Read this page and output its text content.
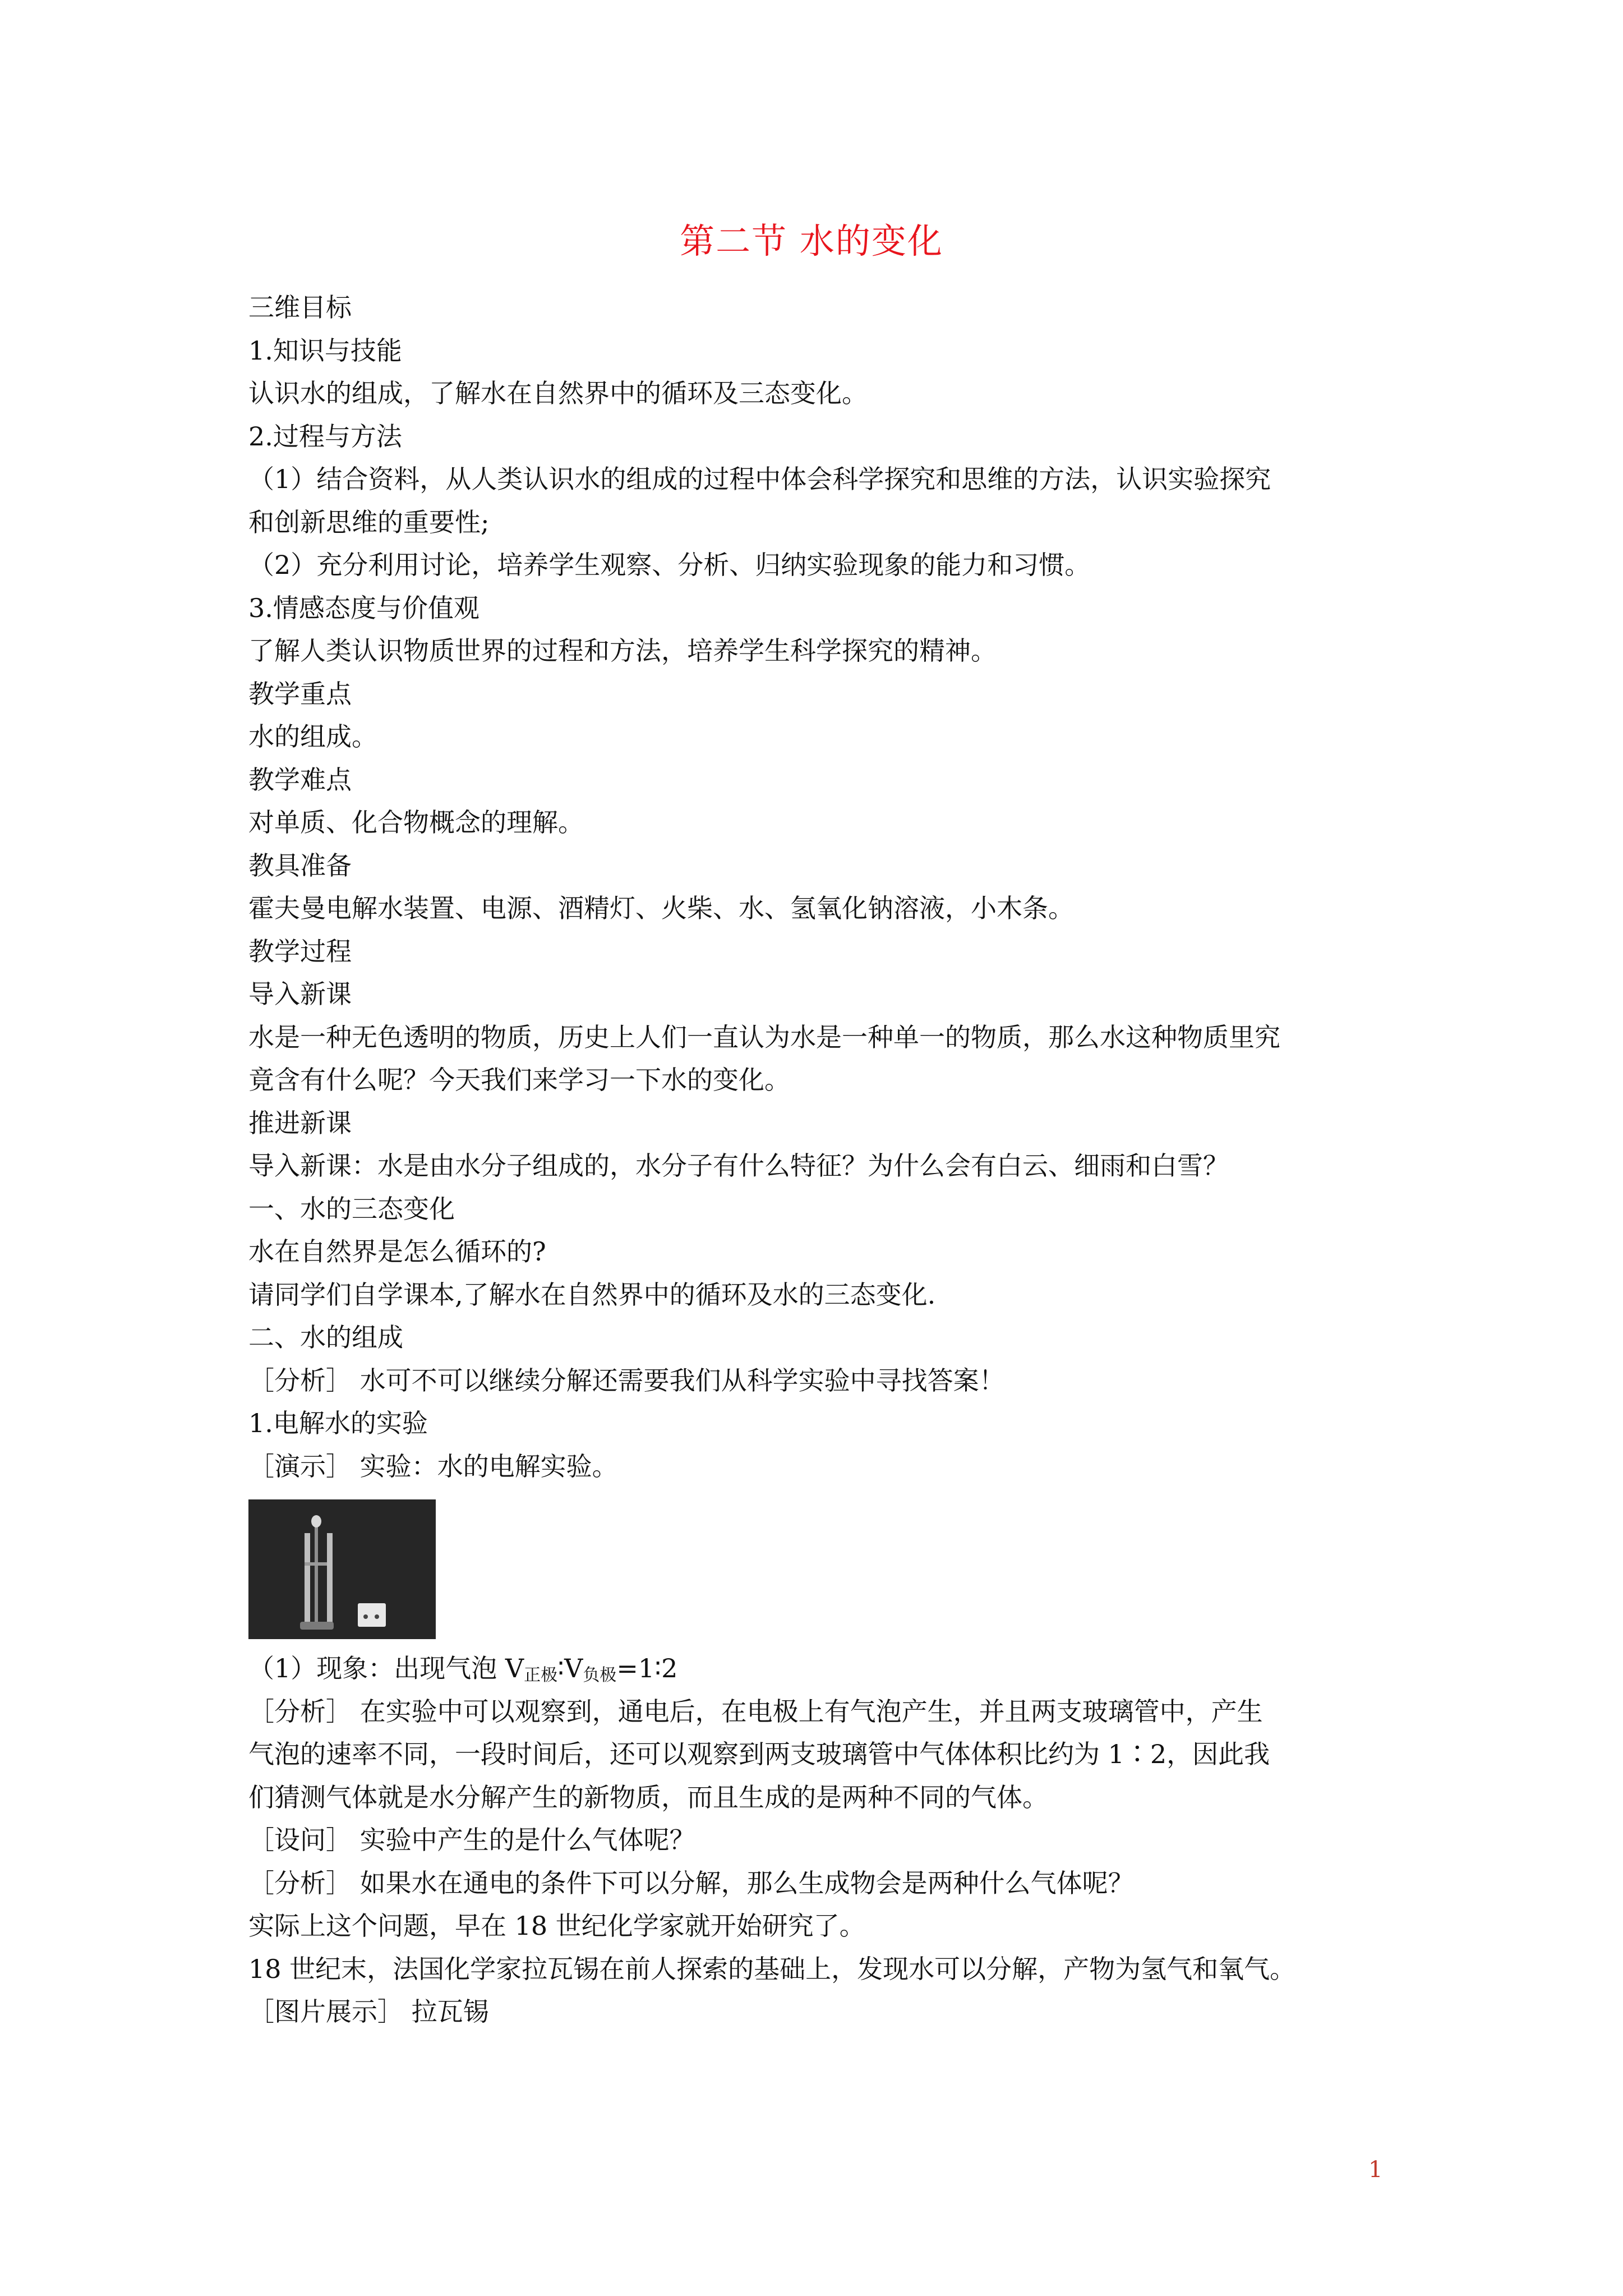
第二节 水的变化
三维目标
1.知识与技能
认识水的组成，了解水在自然界中的循环及三态变化。
2.过程与方法
（1）结合资料，从人类认识水的组成的过程中体会科学探究和思维的方法，认识实验探究
和创新思维的重要性;
（2）充分利用讨论，培养学生观察、分析、归纳实验现象的能力和习惯。
3.情感态度与价值观
了解人类认识物质世界的过程和方法，培养学生科学探究的精神。
教学重点
水的组成。
教学难点
对单质、化合物概念的理解。
教具准备
霍夫曼电解水装置、电源、酒精灯、火柴、水、氢氧化钠溶液，小木条。
教学过程
导入新课
水是一种无色透明的物质，历史上人们一直认为水是一种单一的物质，那么水这种物质里究
竟含有什么呢？今天我们来学习一下水的变化。
推进新课
导入新课：水是由水分子组成的，水分子有什么特征？为什么会有白云、细雨和白雪？
一、水的三态变化
水在自然界是怎么循环的?
请同学们自学课本,了解水在自然界中的循环及水的三态变化.
二、水的组成
［分析］ 水可不可以继续分解还需要我们从科学实验中寻找答案！
1.电解水的实验
［演示］ 实验：水的电解实验。
（1）现象：出现气泡 $V_{正极}∶V_{负极}=1∶2$
［分析］ 在实验中可以观察到，通电后，在电极上有气泡产生，并且两支玻璃管中，产生
气泡的速率不同，一段时间后，还可以观察到两支玻璃管中气体体积比约为 1∶2，因此我
们猜测气体就是水分解产生的新物质，而且生成的是两种不同的气体。
［设问］ 实验中产生的是什么气体呢？
［分析］ 如果水在通电的条件下可以分解，那么生成物会是两种什么气体呢？
实际上这个问题，早在 18 世纪化学家就开始研究了。
18 世纪末，法国化学家拉瓦锡在前人探索的基础上，发现水可以分解，产物为氢气和氧气。
［图片展示］ 拉瓦锡
1
